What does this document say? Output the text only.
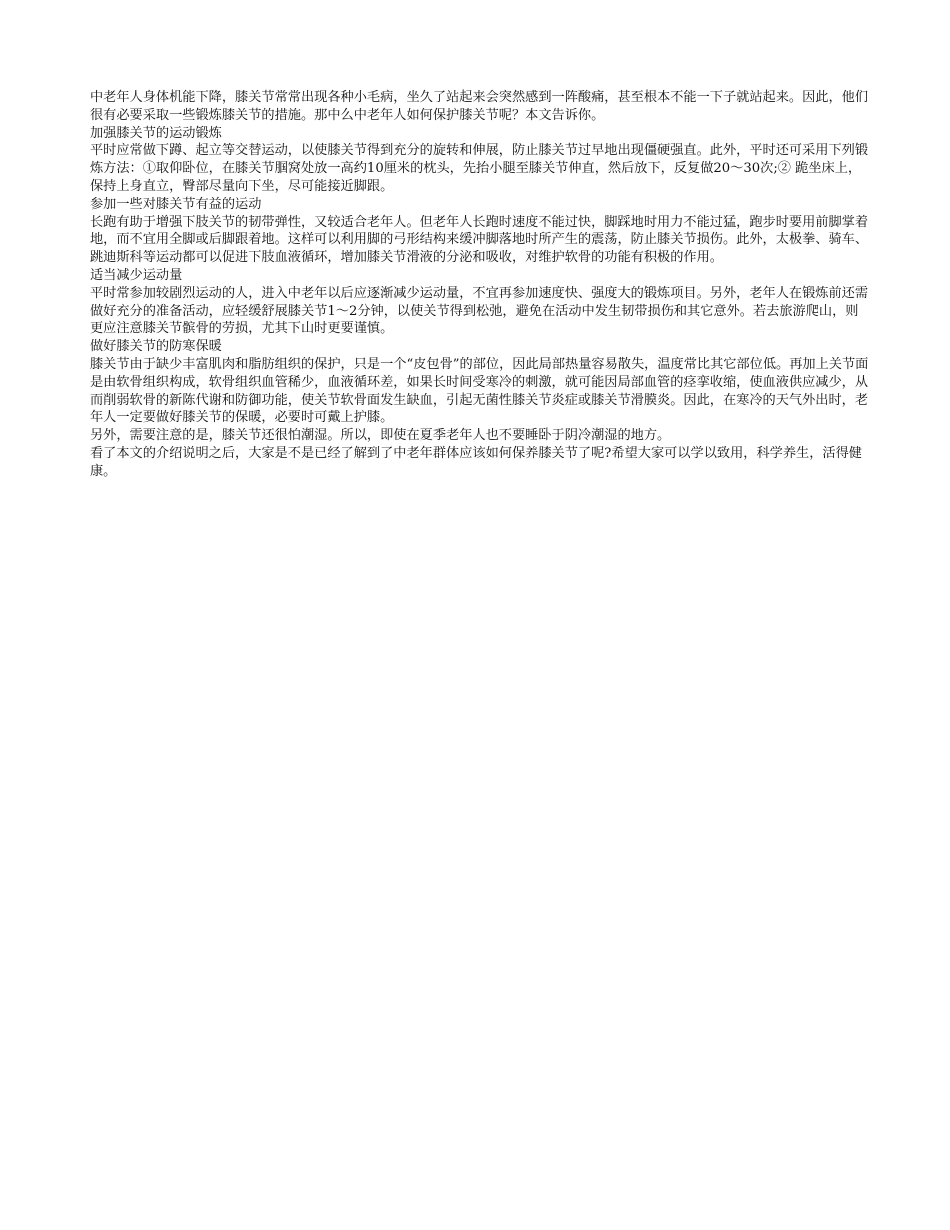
中老年人身体机能下降，膝关节常常出现各种小毛病，坐久了站起来会突然感到一阵酸痛，甚至根本不能一下子就站起来。因此，他们很有必要采取一些锻炼膝关节的措施。那中么中老年人如何保护膝关节呢？本文告诉你。

加强膝关节的运动锻炼

平时应常做下蹲、起立等交替运动，以使膝关节得到充分的旋转和伸展，防止膝关节过早地出现僵硬强直。此外，平时还可采用下列锻炼方法：①取仰卧位，在膝关节腘窝处放一高约10厘米的枕头，先抬小腿至膝关节伸直，然后放下，反复做20～30次;② 跪坐床上，保持上身直立，臀部尽量向下坐，尽可能接近脚跟。

参加一些对膝关节有益的运动

长跑有助于增强下肢关节的韧带弹性，又较适合老年人。但老年人长跑时速度不能过快，脚踩地时用力不能过猛，跑步时要用前脚掌着地，而不宜用全脚或后脚跟着地。这样可以利用脚的弓形结构来缓冲脚落地时所产生的震荡，防止膝关节损伤。此外，太极拳、骑车、跳迪斯科等运动都可以促进下肢血液循环，增加膝关节滑液的分泌和吸收，对维护软骨的功能有积极的作用。

适当减少运动量

平时常参加较剧烈运动的人，进入中老年以后应逐渐减少运动量，不宜再参加速度快、强度大的锻炼项目。另外，老年人在锻炼前还需做好充分的准备活动，应轻缓舒展膝关节1～2分钟，以使关节得到松弛，避免在活动中发生韧带损伤和其它意外。若去旅游爬山，则更应注意膝关节髌骨的劳损，尤其下山时更要谨慎。

做好膝关节的防寒保暖

膝关节由于缺少丰富肌肉和脂肪组织的保护，只是一个“皮包骨”的部位，因此局部热量容易散失，温度常比其它部位低。再加上关节面是由软骨组织构成，软骨组织血管稀少，血液循环差，如果长时间受寒冷的刺激，就可能因局部血管的痉挛收缩，使血液供应减少，从而削弱软骨的新陈代谢和防御功能，使关节软骨面发生缺血，引起无菌性膝关节炎症或膝关节滑膜炎。因此，在寒冷的天气外出时，老年人一定要做好膝关节的保暖，必要时可戴上护膝。

另外，需要注意的是，膝关节还很怕潮湿。所以，即使在夏季老年人也不要睡卧于阴冷潮湿的地方。

看了本文的介绍说明之后，大家是不是已经了解到了中老年群体应该如何保养膝关节了呢?希望大家可以学以致用，科学养生，活得健康。
